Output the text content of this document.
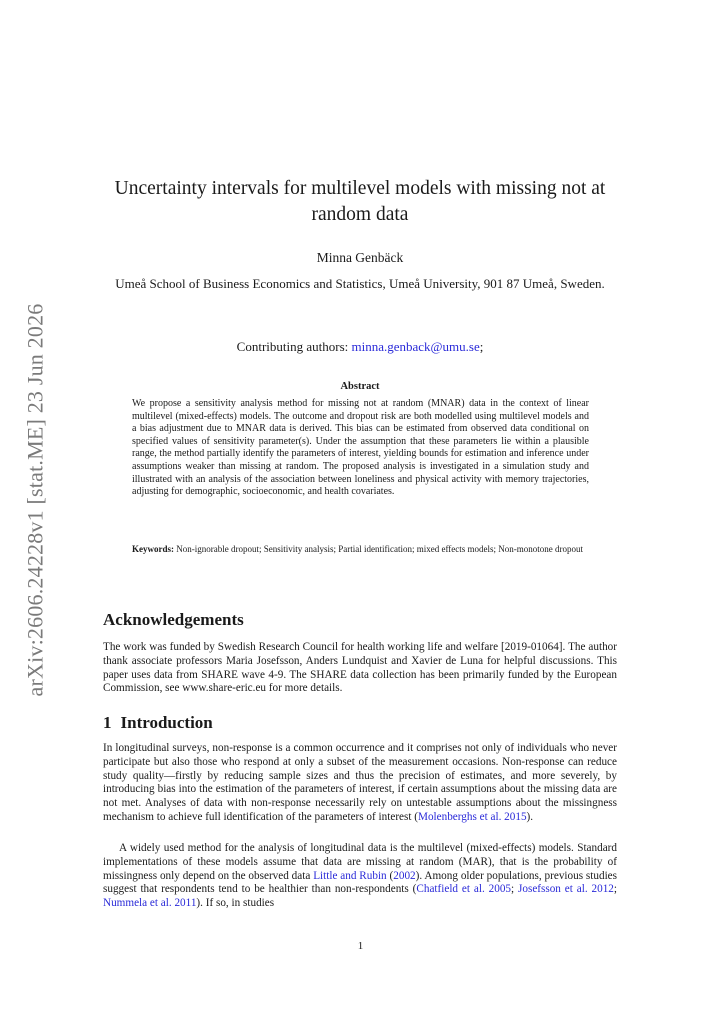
arXiv:2606.24228v1 [stat.ME] 23 Jun 2026
Uncertainty intervals for multilevel models with missing not at random data
Minna Genbäck
Umeå School of Business Economics and Statistics, Umeå University, 901 87 Umeå, Sweden.
Contributing authors: minna.genback@umu.se;
Abstract
We propose a sensitivity analysis method for missing not at random (MNAR) data in the context of linear multilevel (mixed-effects) models. The outcome and dropout risk are both modelled using multilevel models and a bias adjustment due to MNAR data is derived. This bias can be estimated from observed data conditional on specified values of sensitivity parameter(s). Under the assumption that these parameters lie within a plausible range, the method partially identify the parameters of interest, yielding bounds for estimation and inference under assumptions weaker than missing at random. The proposed analysis is investigated in a simulation study and illustrated with an analysis of the association between loneliness and physical activity with memory trajectories, adjusting for demographic, socioeconomic, and health covariates.
Keywords: Non-ignorable dropout; Sensitivity analysis; Partial identification; mixed effects models; Non-monotone dropout
Acknowledgements
The work was funded by Swedish Research Council for health working life and welfare [2019-01064]. The author thank associate professors Maria Josefsson, Anders Lundquist and Xavier de Luna for helpful discussions. This paper uses data from SHARE wave 4-9. The SHARE data collection has been primarily funded by the European Commission, see www.share-eric.eu for more details.
1 Introduction
In longitudinal surveys, non-response is a common occurrence and it comprises not only of individuals who never participate but also those who respond at only a subset of the measurement occasions. Non-response can reduce study quality—firstly by reducing sample sizes and thus the precision of estimates, and more severely, by introducing bias into the estimation of the parameters of interest, if certain assumptions about the missing data are not met. Analyses of data with non-response necessarily rely on untestable assumptions about the missingness mechanism to achieve full identification of the parameters of interest (Molenberghs et al. 2015).
A widely used method for the analysis of longitudinal data is the multilevel (mixed-effects) models. Standard implementations of these models assume that data are missing at random (MAR), that is the probability of missingness only depend on the observed data Little and Rubin (2002). Among older populations, previous studies suggest that respondents tend to be healthier than non-respondents (Chatfield et al. 2005; Josefsson et al. 2012; Nummela et al. 2011). If so, in studies
1
